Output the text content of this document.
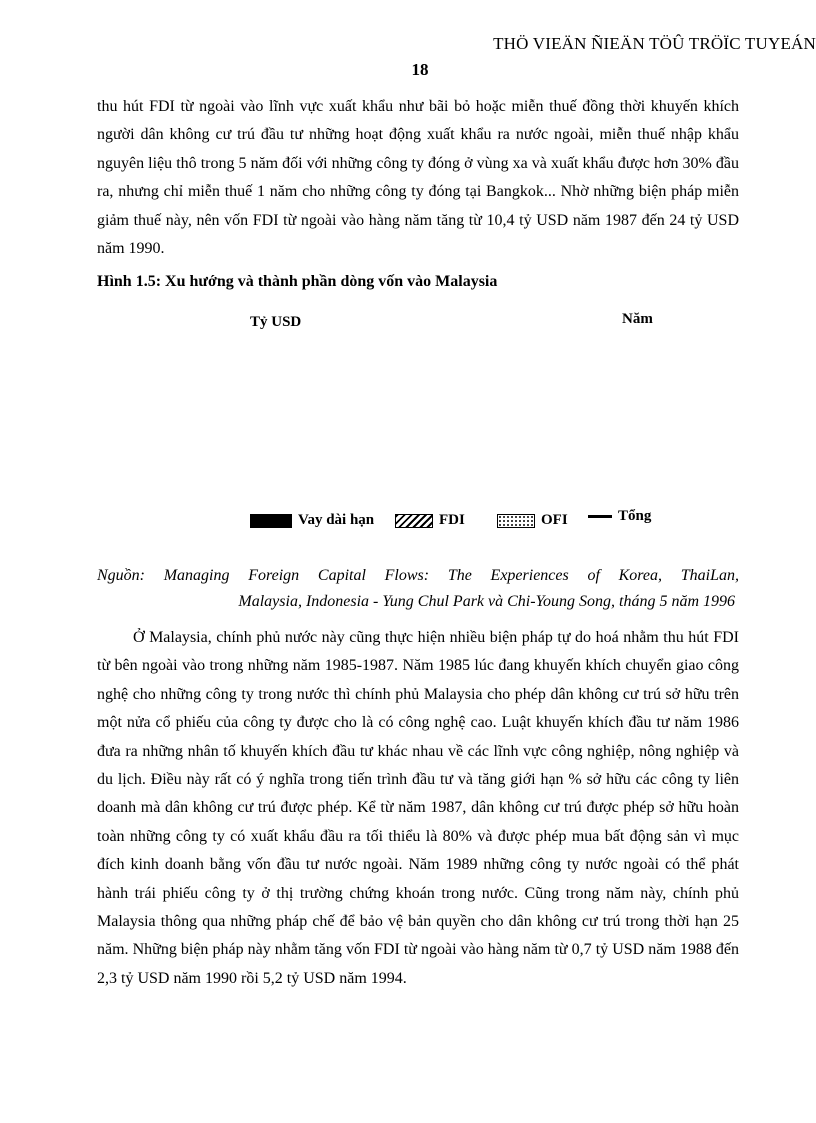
THÖ VIEÄN ÑIEÄN TÖÛ TRÖÏC TUYEÁN
18

thu hút FDI từ ngoài vào lĩnh vực xuất khẩu như bãi bỏ hoặc miễn thuế đồng thời khuyến khích người dân không cư trú đầu tư những hoạt động xuất khẩu ra nước ngoài, miễn thuế nhập khẩu nguyên liệu thô trong 5 năm đối với những công ty đóng ở vùng xa và xuất khẩu được hơn 30% đầu ra, nhưng chỉ miễn thuế 1 năm cho những công ty đóng tại Bangkok... Nhờ những biện pháp miễn giảm thuế này, nên vốn FDI từ ngoài vào hàng năm tăng từ 10,4 tỷ USD năm 1987 đến 24 tỷ USD năm 1990.

Hình 1.5: Xu hướng và thành phần dòng vốn vào Malaysia
Tỷ USD	Năm
Vay dài hạn	FDI	OFI	Tổng
Nguồn: Managing Foreign Capital Flows: The Experiences of Korea, ThaiLan,
Malaysia, Indonesia - Yung Chul Park và Chi-Young Song, tháng 5 năm 1996

Ở Malaysia, chính phủ nước này cũng thực hiện nhiều biện pháp tự do hoá nhằm thu hút FDI từ bên ngoài vào trong những năm 1985-1987. Năm 1985 lúc đang khuyến khích chuyển giao công nghệ cho những công ty trong nước thì chính phủ Malaysia cho phép dân không cư trú sở hữu trên một nửa cổ phiếu của công ty được cho là có công nghệ cao. Luật khuyến khích đầu tư năm 1986 đưa ra những nhân tố khuyến khích đầu tư khác nhau về các lĩnh vực công nghiệp, nông nghiệp và du lịch. Điều này rất có ý nghĩa trong tiến trình đầu tư và tăng giới hạn % sở hữu các công ty liên doanh mà dân không cư trú được phép. Kể từ năm 1987, dân không cư trú được phép sở hữu hoàn toàn những công ty có xuất khẩu đầu ra tối thiểu là 80% và được phép mua bất động sản vì mục đích kinh doanh bằng vốn đầu tư nước ngoài. Năm 1989 những công ty nước ngoài có thể phát hành trái phiếu công ty ở thị trường chứng khoán trong nước. Cũng trong năm này, chính phủ Malaysia thông qua những pháp chế để bảo vệ bản quyền cho dân không cư trú trong thời hạn 25 năm. Những biện pháp này nhằm tăng vốn FDI từ ngoài vào hàng năm từ 0,7 tỷ USD năm 1988 đến 2,3 tỷ USD năm 1990 rồi 5,2 tỷ USD năm 1994.
